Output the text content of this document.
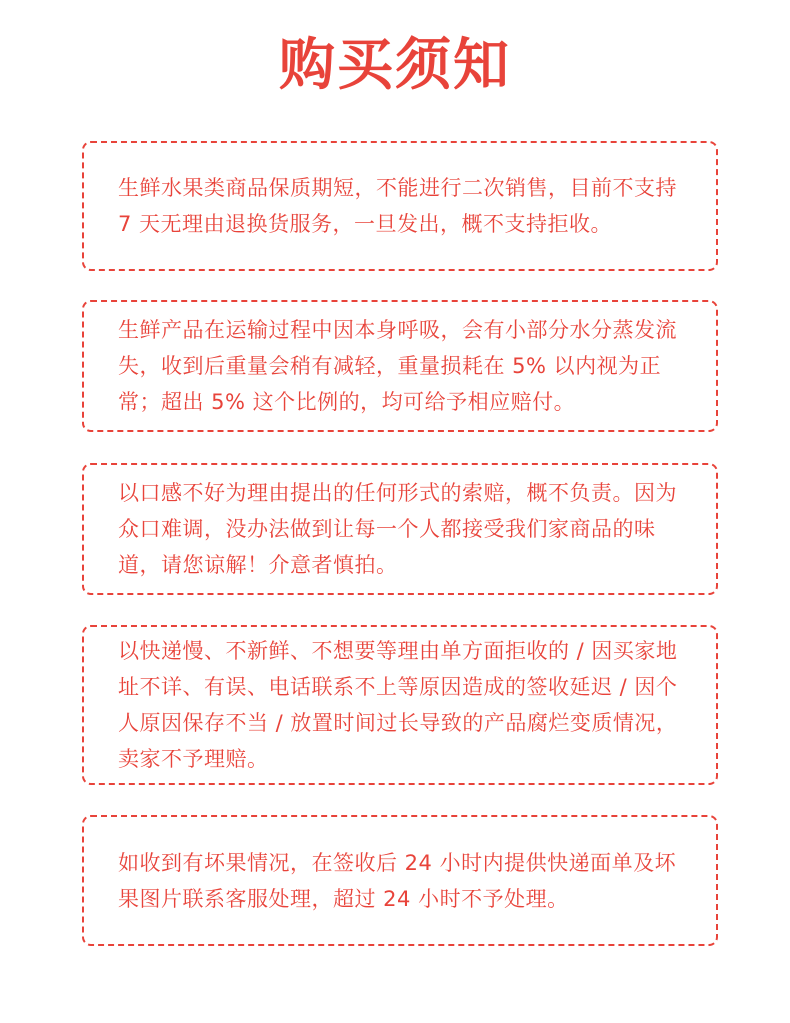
购买须知

生鲜水果类商品保质期短，不能进行二次销售，目前不支持 7 天无理由退换货服务，一旦发出，概不支持拒收。

生鲜产品在运输过程中因本身呼吸，会有小部分水分蒸发流失，收到后重量会稍有减轻，重量损耗在 5% 以内视为正常；超出 5% 这个比例的，均可给予相应赔付。

以口感不好为理由提出的任何形式的索赔，概不负责。因为众口难调，没办法做到让每一个人都接受我们家商品的味道，请您谅解！介意者慎拍。

以快递慢、不新鲜、不想要等理由单方面拒收的 / 因买家地址不详、有误、电话联系不上等原因造成的签收延迟 / 因个人原因保存不当 / 放置时间过长导致的产品腐烂变质情况，卖家不予理赔。

如收到有坏果情况，在签收后 24 小时内提供快递面单及坏果图片联系客服处理，超过 24 小时不予处理。
